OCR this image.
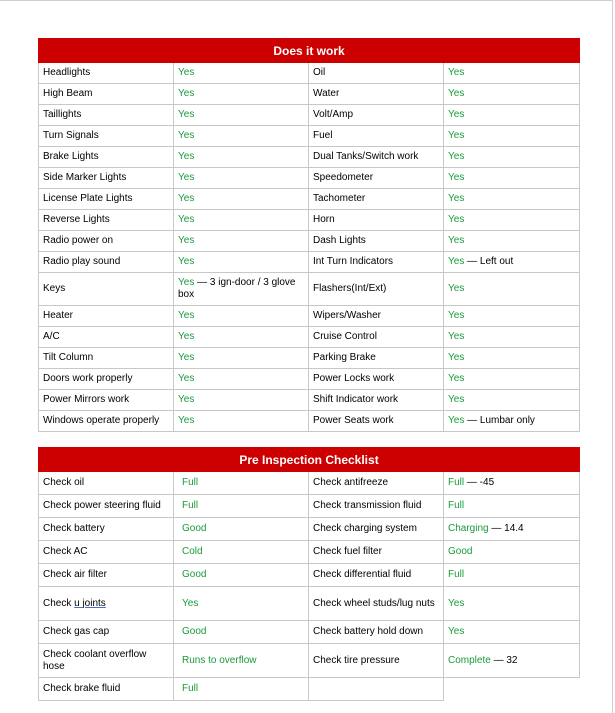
Does it work			
Headlights	Yes	Oil	Yes
High Beam	Yes	Water	Yes
Taillights	Yes	Volt/Amp	Yes
Turn Signals	Yes	Fuel	Yes
Brake Lights	Yes	Dual Tanks/Switch work	Yes
Side Marker Lights	Yes	Speedometer	Yes
License Plate Lights	Yes	Tachometer	Yes
Reverse Lights	Yes	Horn	Yes
Radio power on	Yes	Dash Lights	Yes
Radio play sound	Yes	Int Turn Indicators	Yes — Left out
Keys	Yes — 3 ign-door / 3 glove box	Flashers(Int/Ext)	Yes
Heater	Yes	Wipers/Washer	Yes
A/C	Yes	Cruise Control	Yes
Tilt Column	Yes	Parking Brake	Yes
Doors work properly	Yes	Power Locks work	Yes
Power Mirrors work	Yes	Shift Indicator work	Yes
Windows operate properly	Yes	Power Seats work	Yes — Lumbar only
Pre Inspection Checklist			
Check oil	Full	Check antifreeze	Full — -45
Check power steering fluid	Full	Check transmission fluid	Full
Check battery	Good	Check charging system	Charging — 14.4
Check AC	Cold	Check fuel filter	Good
Check air filter	Good	Check differential fluid	Full
Check u joints	Yes	Check wheel studs/lug nuts	Yes
Check gas cap	Good	Check battery hold down	Yes
Check coolant overflow hose	Runs to overflow	Check tire pressure	Complete — 32
Check brake fluid	Full		
